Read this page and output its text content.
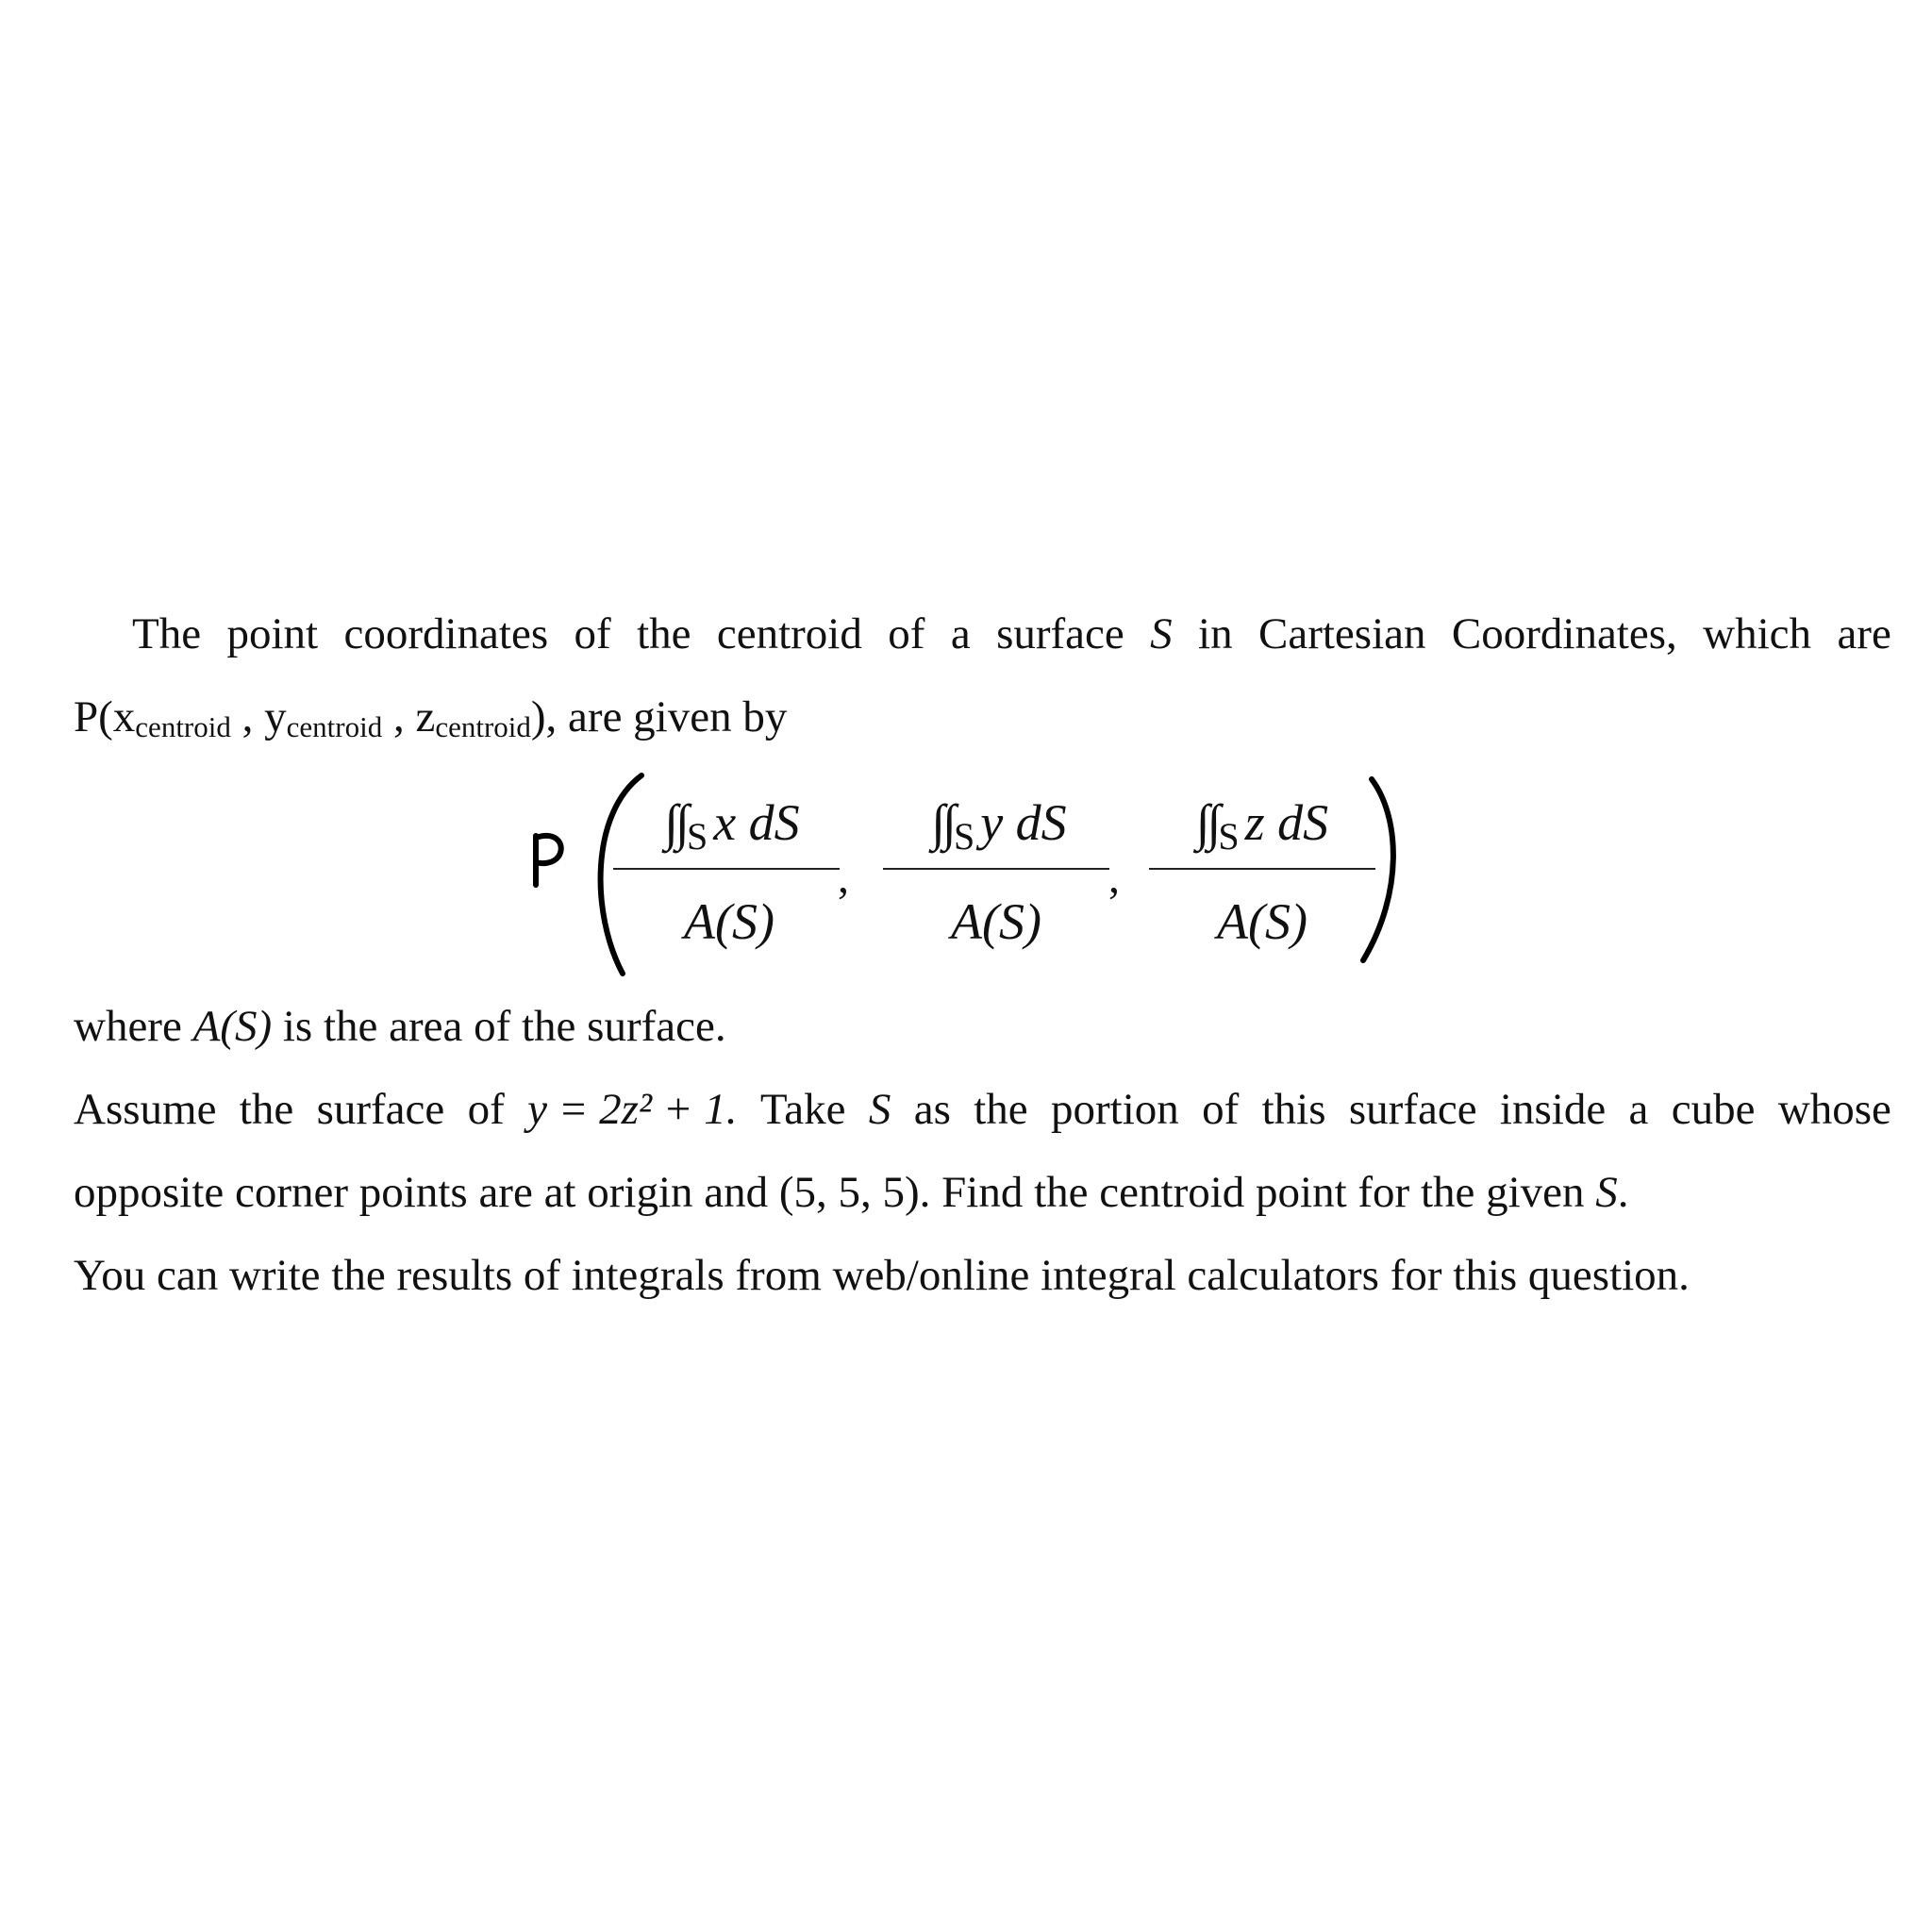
The point coordinates of the centroid of a surface S in Cartesian Coordinates, which are
P(xcentroid , ycentroid , zcentroid), are given by
∫∫S x dS	∫∫S y dS	∫∫S z dS
,	,
A(S)	A(S)	A(S)
where A(S) is the area of the surface.
Assume the surface of y = 2z² + 1. Take S as the portion of this surface inside a cube whose
opposite corner points are at origin and (5, 5, 5). Find the centroid point for the given S.
You can write the results of integrals from web/online integral calculators for this question.
